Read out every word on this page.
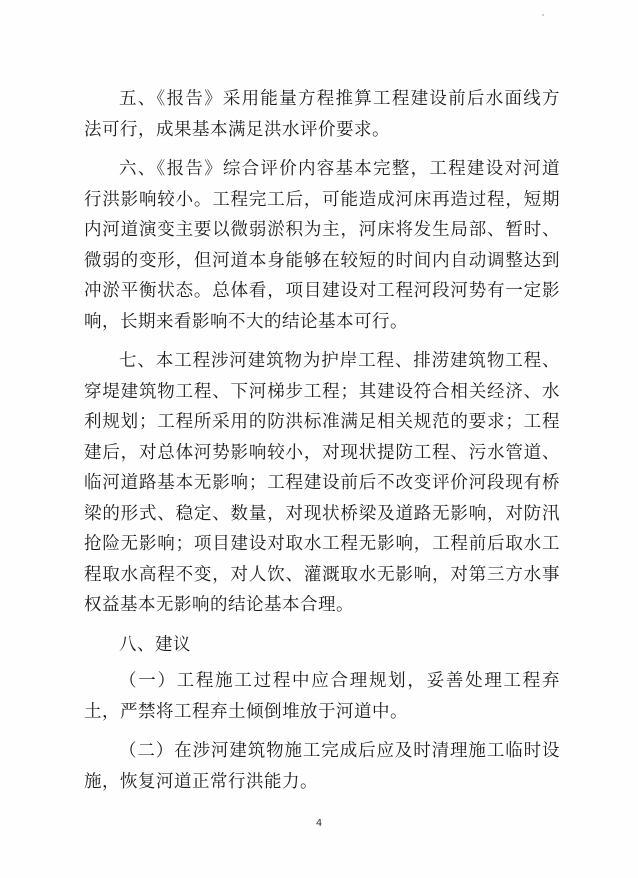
五、《报告》采用能量方程推算工程建设前后水面线方法可行，成果基本满足洪水评价要求。

六、《报告》综合评价内容基本完整，工程建设对河道行洪影响较小。工程完工后，可能造成河床再造过程，短期内河道演变主要以微弱淤积为主，河床将发生局部、暂时、微弱的变形，但河道本身能够在较短的时间内自动调整达到冲淤平衡状态。总体看，项目建设对工程河段河势有一定影响，长期来看影响不大的结论基本可行。

七、本工程涉河建筑物为护岸工程、排涝建筑物工程、穿堤建筑物工程、下河梯步工程；其建设符合相关经济、水利规划；工程所采用的防洪标准满足相关规范的要求；工程建后，对总体河势影响较小，对现状提防工程、污水管道、临河道路基本无影响；工程建设前后不改变评价河段现有桥梁的形式、稳定、数量，对现状桥梁及道路无影响，对防汛抢险无影响；项目建设对取水工程无影响，工程前后取水工程取水高程不变，对人饮、灌溉取水无影响，对第三方水事权益基本无影响的结论基本合理。

八、建议

（一）工程施工过程中应合理规划，妥善处理工程弃土，严禁将工程弃土倾倒堆放于河道中。

（二）在涉河建筑物施工完成后应及时清理施工临时设施，恢复河道正常行洪能力。

4
